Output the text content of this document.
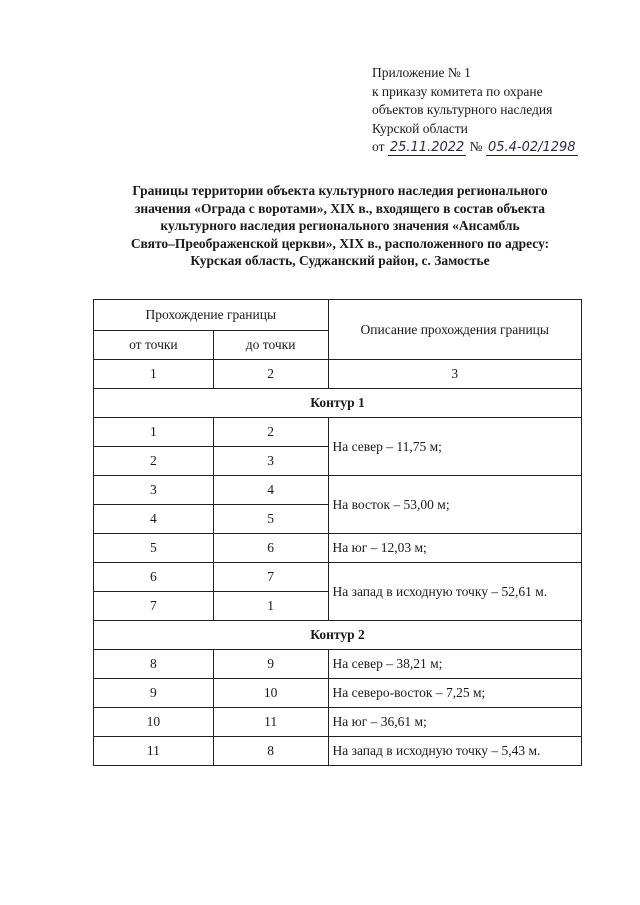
Приложение № 1
к приказу комитета по охране
объектов культурного наследия
Курской области
от 25.11.2022 № 05.4-02/1298
Границы территории объекта культурного наследия регионального
значения «Ограда с воротами», XIX в., входящего в состав объекта
культурного наследия регионального значения «Ансамбль
Свято–Преображенской церкви», XIX в., расположенного по адресу:
Курская область, Суджанский район, с. Замостье
Прохождение границы		Описание прохождения границы
от точки	до точки	
1	2	3
Контур 1		
1	2	На север – 11,75 м;
2	3	
3	4	На восток – 53,00 м;
4	5	
5	6	На юг – 12,03 м;
6	7	На запад в исходную точку – 52,61 м.
7	1	
Контур 2		
8	9	На север – 38,21 м;
9	10	На северо-восток – 7,25 м;
10	11	На юг – 36,61 м;
11	8	На запад в исходную точку – 5,43 м.
